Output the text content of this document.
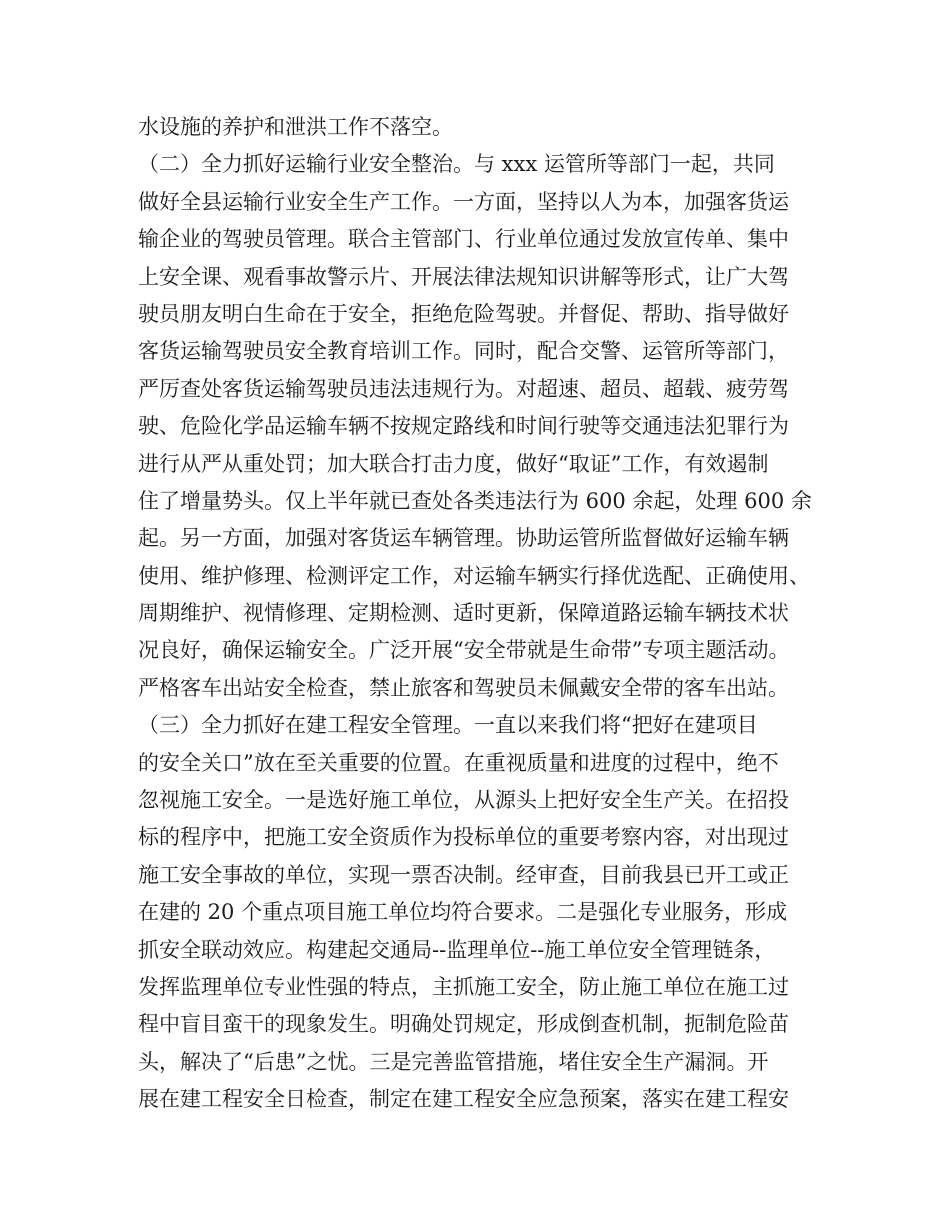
水设施的养护和泄洪工作不落空。
（二）全力抓好运输行业安全整治。与 xxx 运管所等部门一起，共同
做好全县运输行业安全生产工作。一方面，坚持以人为本，加强客货运
输企业的驾驶员管理。联合主管部门、行业单位通过发放宣传单、集中
上安全课、观看事故警示片、开展法律法规知识讲解等形式，让广大驾
驶员朋友明白生命在于安全，拒绝危险驾驶。并督促、帮助、指导做好
客货运输驾驶员安全教育培训工作。同时，配合交警、运管所等部门，
严厉查处客货运输驾驶员违法违规行为。对超速、超员、超载、疲劳驾
驶、危险化学品运输车辆不按规定路线和时间行驶等交通违法犯罪行为
进行从严从重处罚；加大联合打击力度，做好“取证”工作，有效遏制
住了增量势头。仅上半年就已查处各类违法行为 600 余起，处理 600 余
起。另一方面，加强对客货运车辆管理。协助运管所监督做好运输车辆
使用、维护修理、检测评定工作，对运输车辆实行择优选配、正确使用、
周期维护、视情修理、定期检测、适时更新，保障道路运输车辆技术状
况良好，确保运输安全。广泛开展“安全带就是生命带”专项主题活动。
严格客车出站安全检查，禁止旅客和驾驶员未佩戴安全带的客车出站。
（三）全力抓好在建工程安全管理。一直以来我们将“把好在建项目
的安全关口”放在至关重要的位置。在重视质量和进度的过程中，绝不
忽视施工安全。一是选好施工单位，从源头上把好安全生产关。在招投
标的程序中，把施工安全资质作为投标单位的重要考察内容，对出现过
施工安全事故的单位，实现一票否决制。经审查，目前我县已开工或正
在建的 20 个重点项目施工单位均符合要求。二是强化专业服务，形成
抓安全联动效应。构建起交通局--监理单位--施工单位安全管理链条，
发挥监理单位专业性强的特点，主抓施工安全，防止施工单位在施工过
程中盲目蛮干的现象发生。明确处罚规定，形成倒查机制，扼制危险苗
头，解决了“后患”之忧。三是完善监管措施，堵住安全生产漏洞。开
展在建工程安全日检查，制定在建工程安全应急预案，落实在建工程安
